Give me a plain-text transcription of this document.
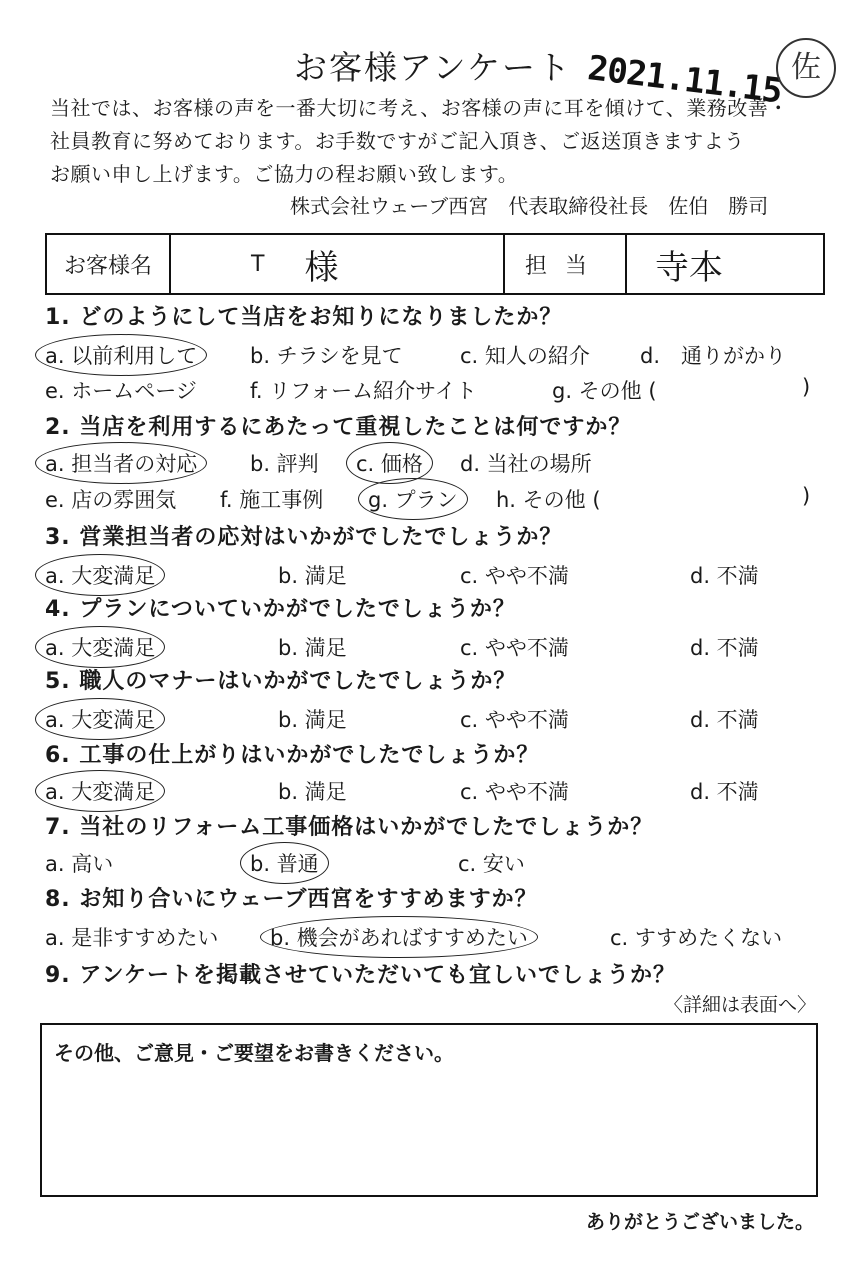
お客様アンケート 2021.11.15 佐
当社では、お客様の声を一番大切に考え、お客様の声に耳を傾けて、業務改善・
社員教育に努めております。お手数ですがご記入頂き、ご返送頂きますよう
お願い申し上げます。ご協力の程お願い致します。
株式会社ウェーブ西宮　代表取締役社長　佐伯　勝司
お客様名	T 様	担当	寺本
1. どのようにして当店をお知りになりましたか？
a. 以前利用して	b. チラシを見て	c. 知人の紹介 d.　通りがかり
e. ホームページ	f. リフォーム紹介サイト	g. その他 (	)
2. 当店を利用するにあたって重視したことは何ですか？
a. 担当者の対応	b. 評判 c. 価格 d. 当社の場所
e. 店の雰囲気 f. 施工事例 g. プラン h. その他 (	)
3. 営業担当者の応対はいかがでしたでしょうか？
a. 大変満足	b. 満足	c. やや不満	d. 不満
4. プランについていかがでしたでしょうか？
a. 大変満足	b. 満足	c. やや不満	d. 不満
5. 職人のマナーはいかがでしたでしょうか？
a. 大変満足	b. 満足	c. やや不満	d. 不満
6. 工事の仕上がりはいかがでしたでしょうか？
a. 大変満足	b. 満足	c. やや不満	d. 不満
7. 当社のリフォーム工事価格はいかがでしたでしょうか？
a. 高い	b. 普通	c. 安い
8. お知り合いにウェーブ西宮をすすめますか？
a. 是非すすめたい b. 機会があればすすめたい	c. すすめたくない
9. アンケートを掲載させていただいても宜しいでしょうか？
〈詳細は表面へ〉
その他、ご意見・ご要望をお書きください。
ありがとうございました。
